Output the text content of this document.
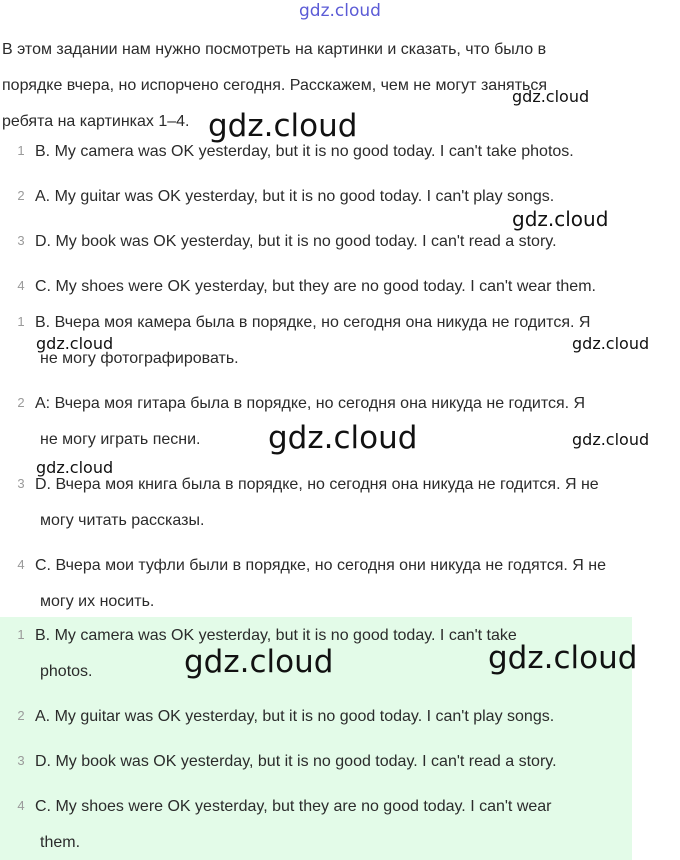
gdz.cloud
В этом задании нам нужно посмотреть на картинки и сказать, что было в
порядке вчера, но испорчено сегодня. Расскажем, чем не могут заняться
ребята на картинках 1–4.
1 B. My camera was OK yesterday, but it is no good today. I can't take photos.
2 A. My guitar was OK yesterday, but it is no good today. I can't play songs.
3 D. My book was OK yesterday, but it is no good today. I can't read a story.
4 C. My shoes were OK yesterday, but they are no good today. I can't wear them.
1 B. Вчера моя камера была в порядке, но сегодня она никуда не годится. Я
не могу фотографировать.
2 A: Вчера моя гитара была в порядке, но сегодня она никуда не годится. Я
не могу играть песни.
3 D. Вчера моя книга была в порядке, но сегодня она никуда не годится. Я не
могу читать рассказы.
4 C. Вчера мои туфли были в порядке, но сегодня они никуда не годятся. Я не
могу их носить.
1 B. My camera was OK yesterday, but it is no good today. I can't take
photos.
2 A. My guitar was OK yesterday, but it is no good today. I can't play songs.
3 D. My book was OK yesterday, but it is no good today. I can't read a story.
4 C. My shoes were OK yesterday, but they are no good today. I can't wear
them.
gdz.cloud
gdz.cloud
gdz.cloud
gdz.cloud	gdz.cloud
gdz.cloud	gdz.cloud
gdz.cloud
gdz.cloud	gdz.cloud
